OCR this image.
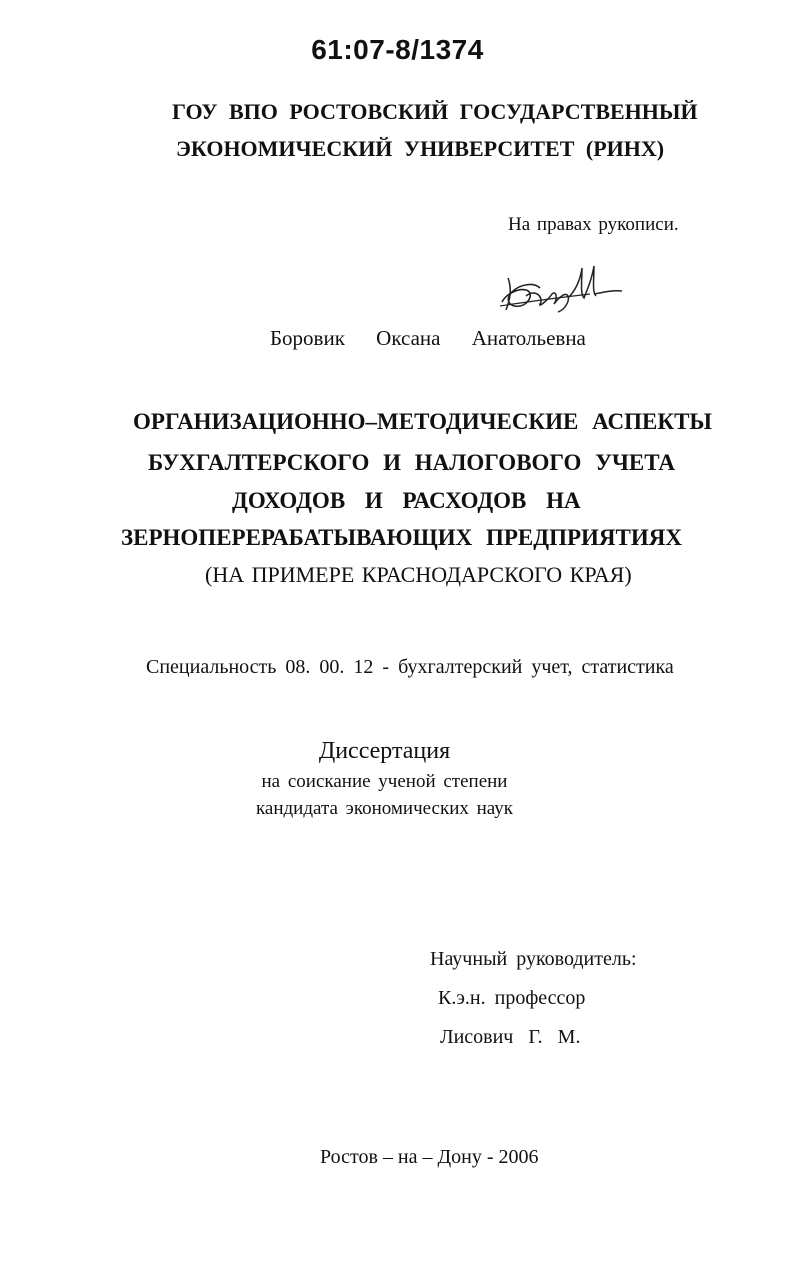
61:07-8/1374
ГОУ ВПО РОСТОВСКИЙ ГОСУДАРСТВЕННЫЙ
ЭКОНОМИЧЕСКИЙ УНИВЕРСИТЕТ (РИНХ)
На правах рукописи.
Боровик Оксана Анатольевна
ОРГАНИЗАЦИОННО–МЕТОДИЧЕСКИЕ АСПЕКТЫ
БУХГАЛТЕРСКОГО И НАЛОГОВОГО УЧЕТА
ДОХОДОВ И РАСХОДОВ НА
ЗЕРНОПЕРЕРАБАТЫВАЮЩИХ ПРЕДПРИЯТИЯХ
(НА ПРИМЕРЕ КРАСНОДАРСКОГО КРАЯ)
Специальность 08. 00. 12 - бухгалтерский учет, статистика
Диссертация
на соискание ученой степени
кандидата экономических наук
Научный руководитель:
К.э.н. профессор
Лисович Г. М.
Ростов – на – Дону - 2006
